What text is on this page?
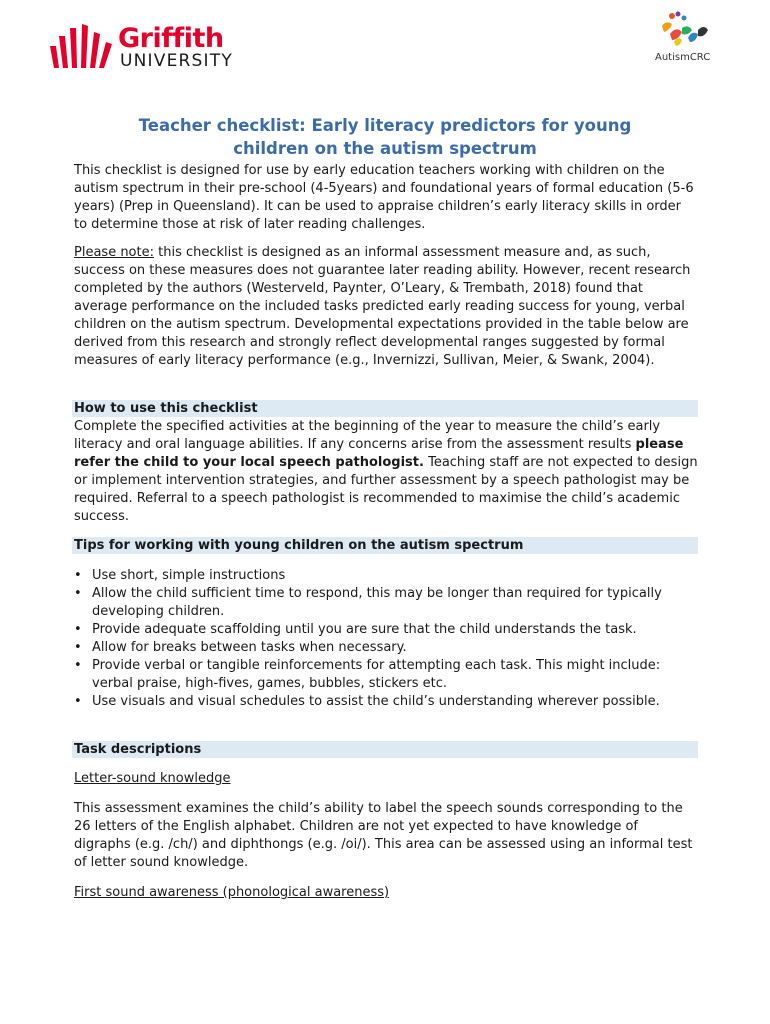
Griffith
UNIVERSITY	AutismCRC
Teacher checklist: Early literacy predictors for young
children on the autism spectrum
This checklist is designed for use by early education teachers working with children on the autism spectrum in their pre-school (4-5years) and foundational years of formal education (5-6 years) (Prep in Queensland). It can be used to appraise children’s early literacy skills in order to determine those at risk of later reading challenges.
Please note: this checklist is designed as an informal assessment measure and, as such, success on these measures does not guarantee later reading ability. However, recent research completed by the authors (Westerveld, Paynter, O’Leary, & Trembath, 2018) found that average performance on the included tasks predicted early reading success for young, verbal children on the autism spectrum. Developmental expectations provided in the table below are derived from this research and strongly reflect developmental ranges suggested by formal measures of early literacy performance (e.g., Invernizzi, Sullivan, Meier, & Swank, 2004).
How to use this checklist
Complete the specified activities at the beginning of the year to measure the child’s early literacy and oral language abilities. If any concerns arise from the assessment results please refer the child to your local speech pathologist. Teaching staff are not expected to design or implement intervention strategies, and further assessment by a speech pathologist may be required. Referral to a speech pathologist is recommended to maximise the child’s academic success.
Tips for working with young children on the autism spectrum
• Use short, simple instructions
• Allow the child sufficient time to respond, this may be longer than required for typically developing children.
• Provide adequate scaffolding until you are sure that the child understands the task.
• Allow for breaks between tasks when necessary.
• Provide verbal or tangible reinforcements for attempting each task. This might include: verbal praise, high-fives, games, bubbles, stickers etc.
• Use visuals and visual schedules to assist the child’s understanding wherever possible.
Task descriptions
Letter-sound knowledge
This assessment examines the child’s ability to label the speech sounds corresponding to the 26 letters of the English alphabet. Children are not yet expected to have knowledge of digraphs (e.g. /ch/) and diphthongs (e.g. /oi/). This area can be assessed using an informal test of letter sound knowledge.
First sound awareness (phonological awareness)
